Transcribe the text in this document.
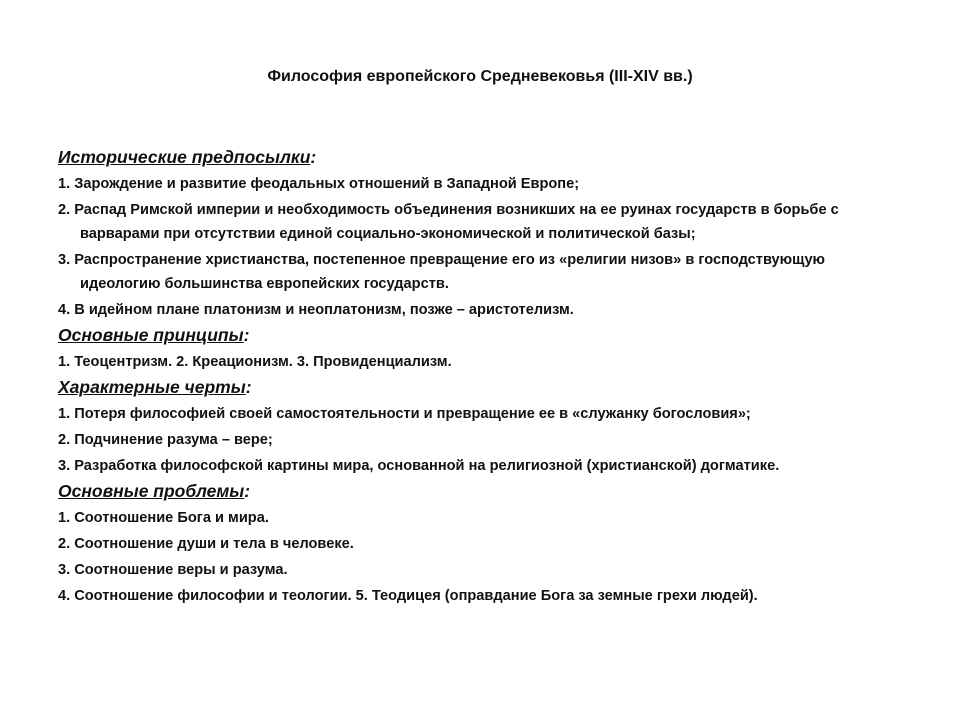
Философия европейского Средневековья (III-XIV вв.)
Исторические предпосылки:
1. Зарождение и развитие феодальных отношений в Западной Европе;
2. Распад Римской империи и необходимость объединения возникших на ее руинах государств в борьбе с варварами при отсутствии единой социально-экономической и политической базы;
3. Распространение христианства, постепенное превращение его из «религии низов» в господствующую идеологию большинства европейских государств.
4. В идейном плане платонизм и неоплатонизм, позже – аристотелизм.
Основные принципы:
1. Теоцентризм. 2. Креационизм. 3. Провиденциализм.
Характерные черты:
1. Потеря философией своей самостоятельности и превращение ее в «служанку богословия»;
2. Подчинение разума – вере;
3. Разработка философской картины мира, основанной на религиозной (христианской) догматике.
Основные проблемы:
1. Соотношение Бога и мира.
2. Соотношение души и тела в человеке.
3. Соотношение веры и разума.
4. Соотношение философии и теологии. 5. Теодицея (оправдание Бога за земные грехи людей).
